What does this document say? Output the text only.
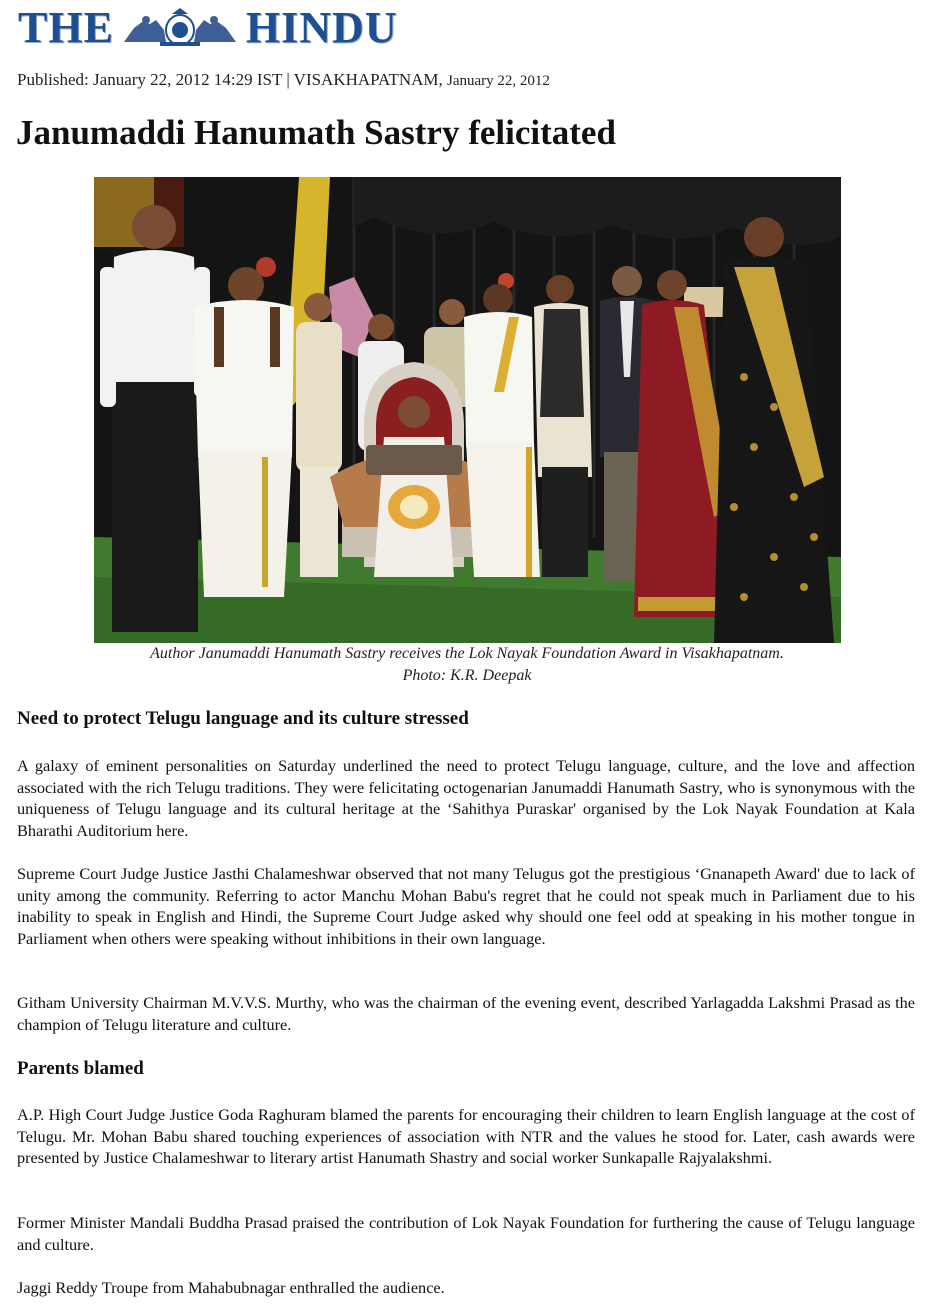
THE	HINDU
Published: January 22, 2012 14:29 IST | VISAKHAPATNAM, January 22, 2012
Janumaddi Hanumath Sastry felicitated
Author Janumaddi Hanumath Sastry receives the Lok Nayak Foundation Award in Visakhapatnam.
Photo: K.R. Deepak
Need to protect Telugu language and its culture stressed

A galaxy of eminent personalities on Saturday underlined the need to protect Telugu language, culture, and the love and affection associated with the rich Telugu traditions. They were felicitating octogenarian Janumaddi Hanumath Sastry, who is synonymous with the uniqueness of Telugu language and its cultural heritage at the ‘Sahithya Puraskar' organised by the Lok Nayak Foundation at Kala Bharathi Auditorium here.

Supreme Court Judge Justice Jasthi Chalameshwar observed that not many Telugus got the prestigious ‘Gnanapeth Award' due to lack of unity among the community. Referring to actor Manchu Mohan Babu's regret that he could not speak much in Parliament due to his inability to speak in English and Hindi, the Supreme Court Judge asked why should one feel odd at speaking in his mother tongue in Parliament when others were speaking without inhibitions in their own language.

Githam University Chairman M.V.V.S. Murthy, who was the chairman of the evening event, described Yarlagadda Lakshmi Prasad as the champion of Telugu literature and culture.

Parents blamed

A.P. High Court Judge Justice Goda Raghuram blamed the parents for encouraging their children to learn English language at the cost of Telugu. Mr. Mohan Babu shared touching experiences of association with NTR and the values he stood for. Later, cash awards were presented by Justice Chalameshwar to literary artist Hanumath Shastry and social worker Sunkapalle Rajyalakshmi.

Former Minister Mandali Buddha Prasad praised the contribution of Lok Nayak Foundation for furthering the cause of Telugu language and culture.

Jaggi Reddy Troupe from Mahabubnagar enthralled the audience.
